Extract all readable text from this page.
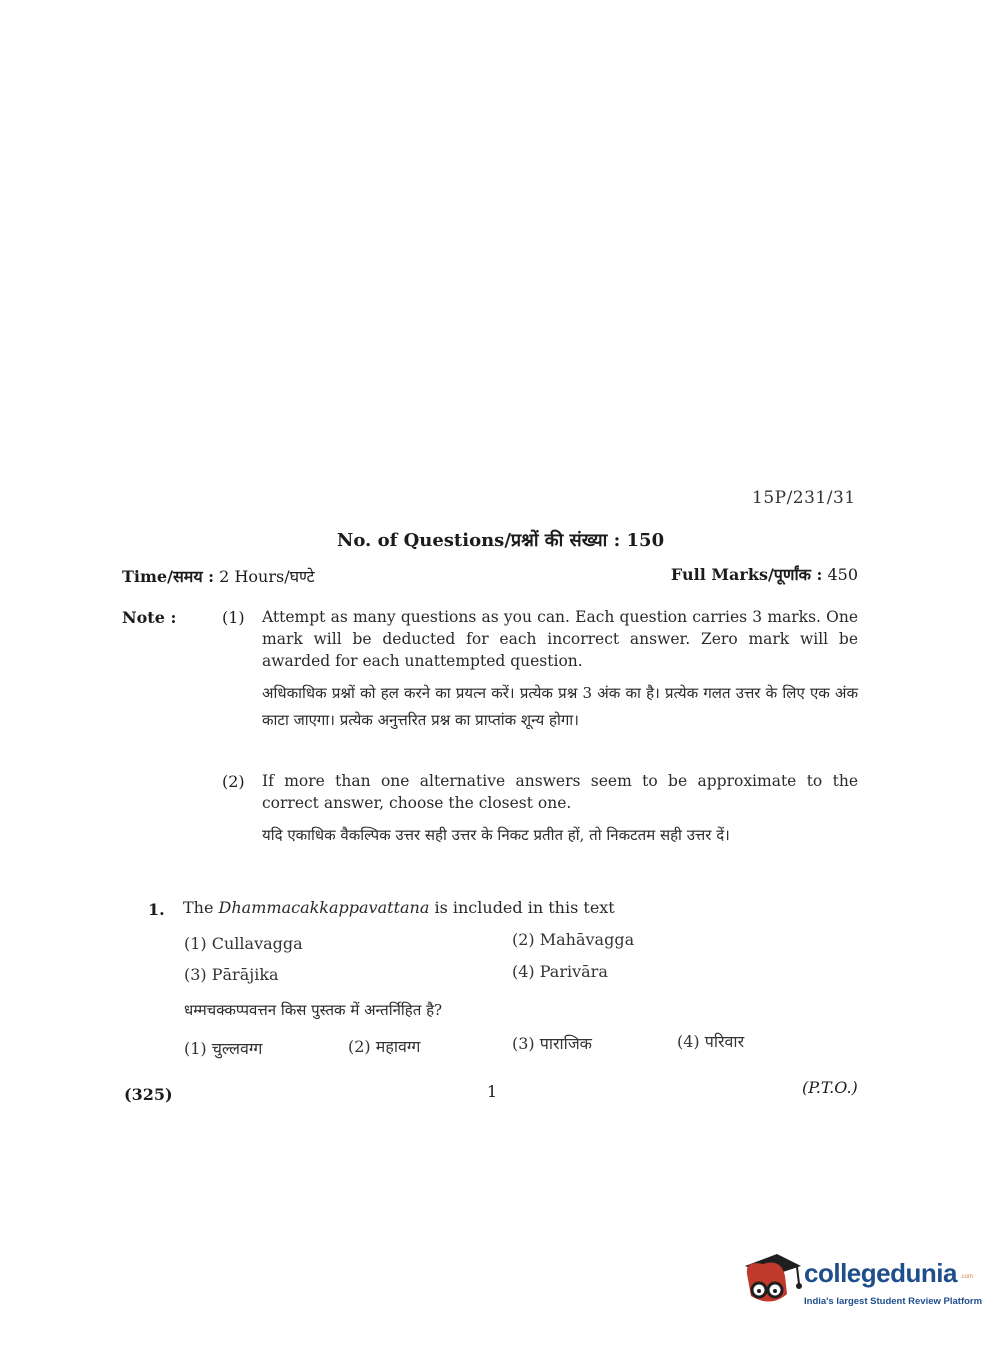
15P/231/31
No. of Questions/प्रश्नों की संख्या : 150
Time/समय : 2 Hours/घण्टे	Full Marks/पूर्णांक : 450
Note :	(1) Attempt as many questions as you can. Each question carries 3 marks. One mark will be deducted for each incorrect answer. Zero mark will be awarded for each unattempted question.
अधिकाधिक प्रश्नों को हल करने का प्रयत्न करें। प्रत्येक प्रश्न 3 अंक का है। प्रत्येक गलत उत्तर के लिए एक अंक काटा जाएगा। प्रत्येक अनुत्तरित प्रश्न का प्राप्तांक शून्य होगा।
(2) If more than one alternative answers seem to be approximate to the correct answer, choose the closest one.
यदि एकाधिक वैकल्पिक उत्तर सही उत्तर के निकट प्रतीत हों, तो निकटतम सही उत्तर दें।
1. The Dhammacakkappavattana is included in this text
(1) Cullavagga	(2) Mahāvagga
(3) Pārājika	(4) Parivāra
धम्मचक्कप्पवत्तन किस पुस्तक में अन्तर्निहित है?
(1) चुल्लवग्ग	(2) महावग्ग	(3) पाराजिक	(4) परिवार
(325)	1	(P.T.O.)
collegedunia .com
India's largest Student Review Platform
